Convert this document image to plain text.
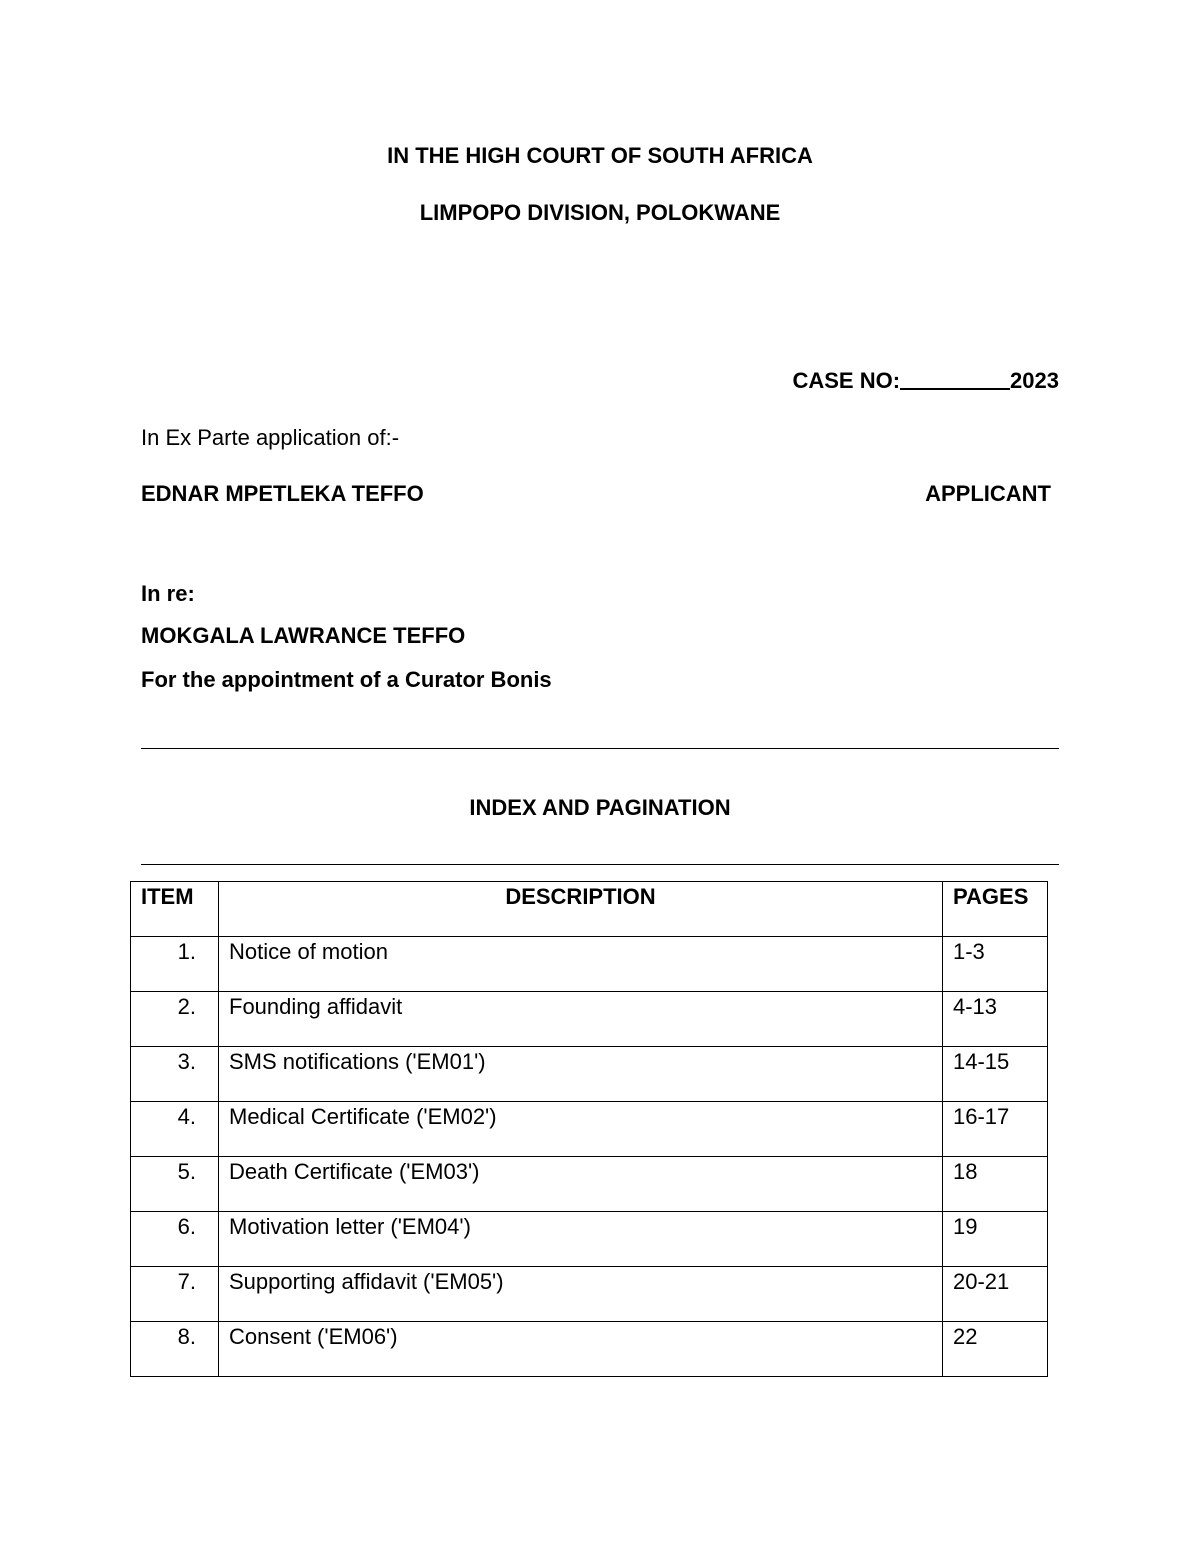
IN THE HIGH COURT OF SOUTH AFRICA
LIMPOPO DIVISION, POLOKWANE
CASE NO:	2023
In Ex Parte application of:-
EDNAR MPETLEKA TEFFO	APPLICANT
In re:
MOKGALA LAWRANCE TEFFO
For the appointment of a Curator Bonis
INDEX AND PAGINATION
ITEM	DESCRIPTION	PAGES
1.	Notice of motion	1-3
2.	Founding affidavit	4-13
3.	SMS notifications ('EM01')	14-15
4.	Medical Certificate ('EM02')	16-17
5.	Death Certificate ('EM03')	18
6.	Motivation letter ('EM04')	19
7.	Supporting affidavit ('EM05')	20-21
8.	Consent ('EM06')	22
